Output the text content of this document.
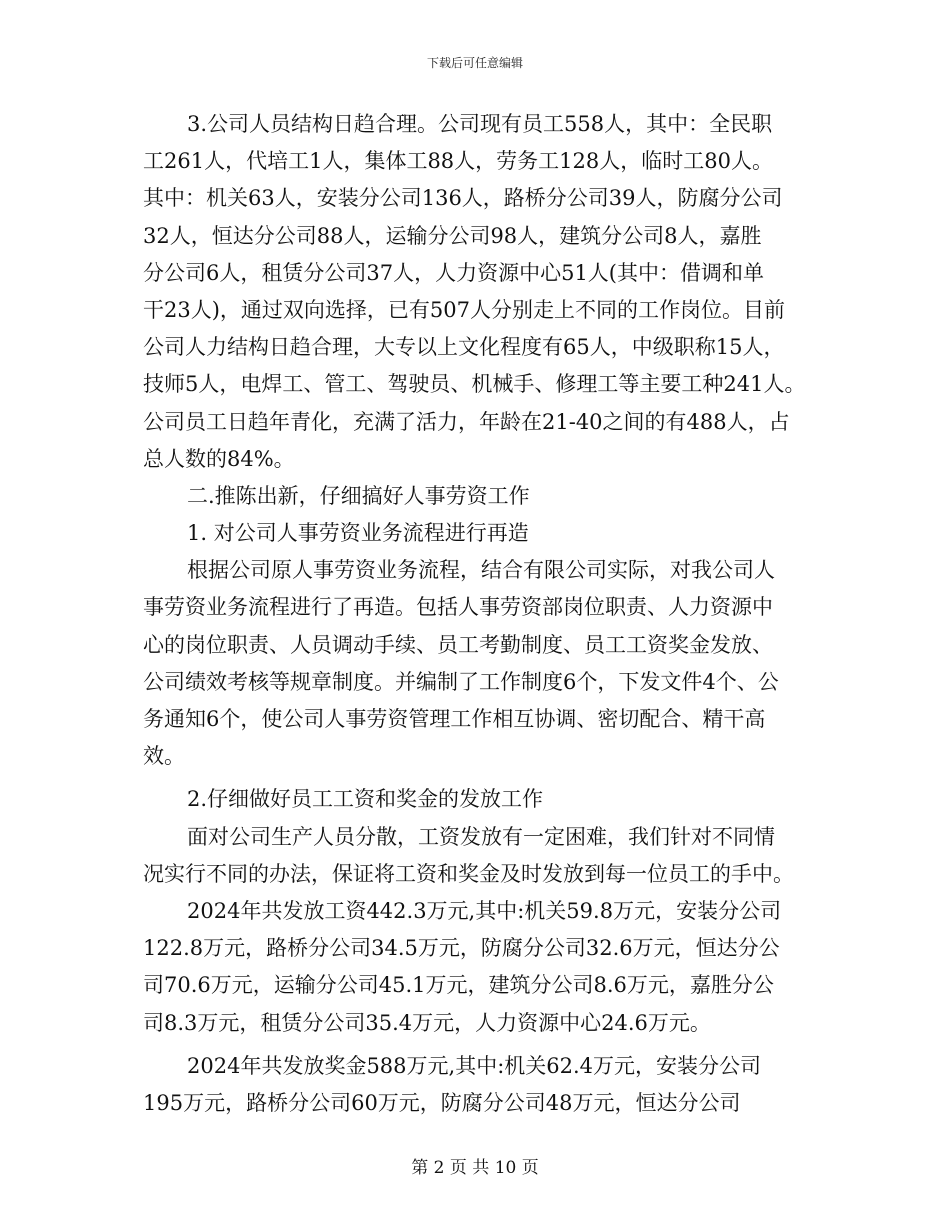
下载后可任意编辑
3.公司人员结构日趋合理。公司现有员工558人，其中：全民职
工261人，代培工1人，集体工88人，劳务工128人，临时工80人。
其中：机关63人，安装分公司136人，路桥分公司39人，防腐分公司
32人，恒达分公司88人，运输分公司98人，建筑分公司8人，嘉胜
分公司6人，租赁分公司37人，人力资源中心51人(其中：借调和单
干23人)，通过双向选择，已有507人分别走上不同的工作岗位。目前
公司人力结构日趋合理，大专以上文化程度有65人，中级职称15人，
技师5人，电焊工、管工、驾驶员、机械手、修理工等主要工种241人。
公司员工日趋年青化，充满了活力，年龄在21-40之间的有488人，占
总人数的84%。
二.推陈出新，仔细搞好人事劳资工作
1. 对公司人事劳资业务流程进行再造
根据公司原人事劳资业务流程，结合有限公司实际，对我公司人
事劳资业务流程进行了再造。包括人事劳资部岗位职责、人力资源中
心的岗位职责、人员调动手续、员工考勤制度、员工工资奖金发放、
公司绩效考核等规章制度。并编制了工作制度6个，下发文件4个、公
务通知6个，使公司人事劳资管理工作相互协调、密切配合、精干高
效。
2.仔细做好员工工资和奖金的发放工作
面对公司生产人员分散，工资发放有一定困难，我们针对不同情
况实行不同的办法，保证将工资和奖金及时发放到每一位员工的手中。
2024年共发放工资442.3万元,其中:机关59.8万元，安装分公司
122.8万元，路桥分公司34.5万元，防腐分公司32.6万元，恒达分公
司70.6万元，运输分公司45.1万元，建筑分公司8.6万元，嘉胜分公
司8.3万元，租赁分公司35.4万元，人力资源中心24.6万元。
2024年共发放奖金588万元,其中:机关62.4万元，安装分公司
195万元，路桥分公司60万元，防腐分公司48万元，恒达分公司
第 2 页 共 10 页
